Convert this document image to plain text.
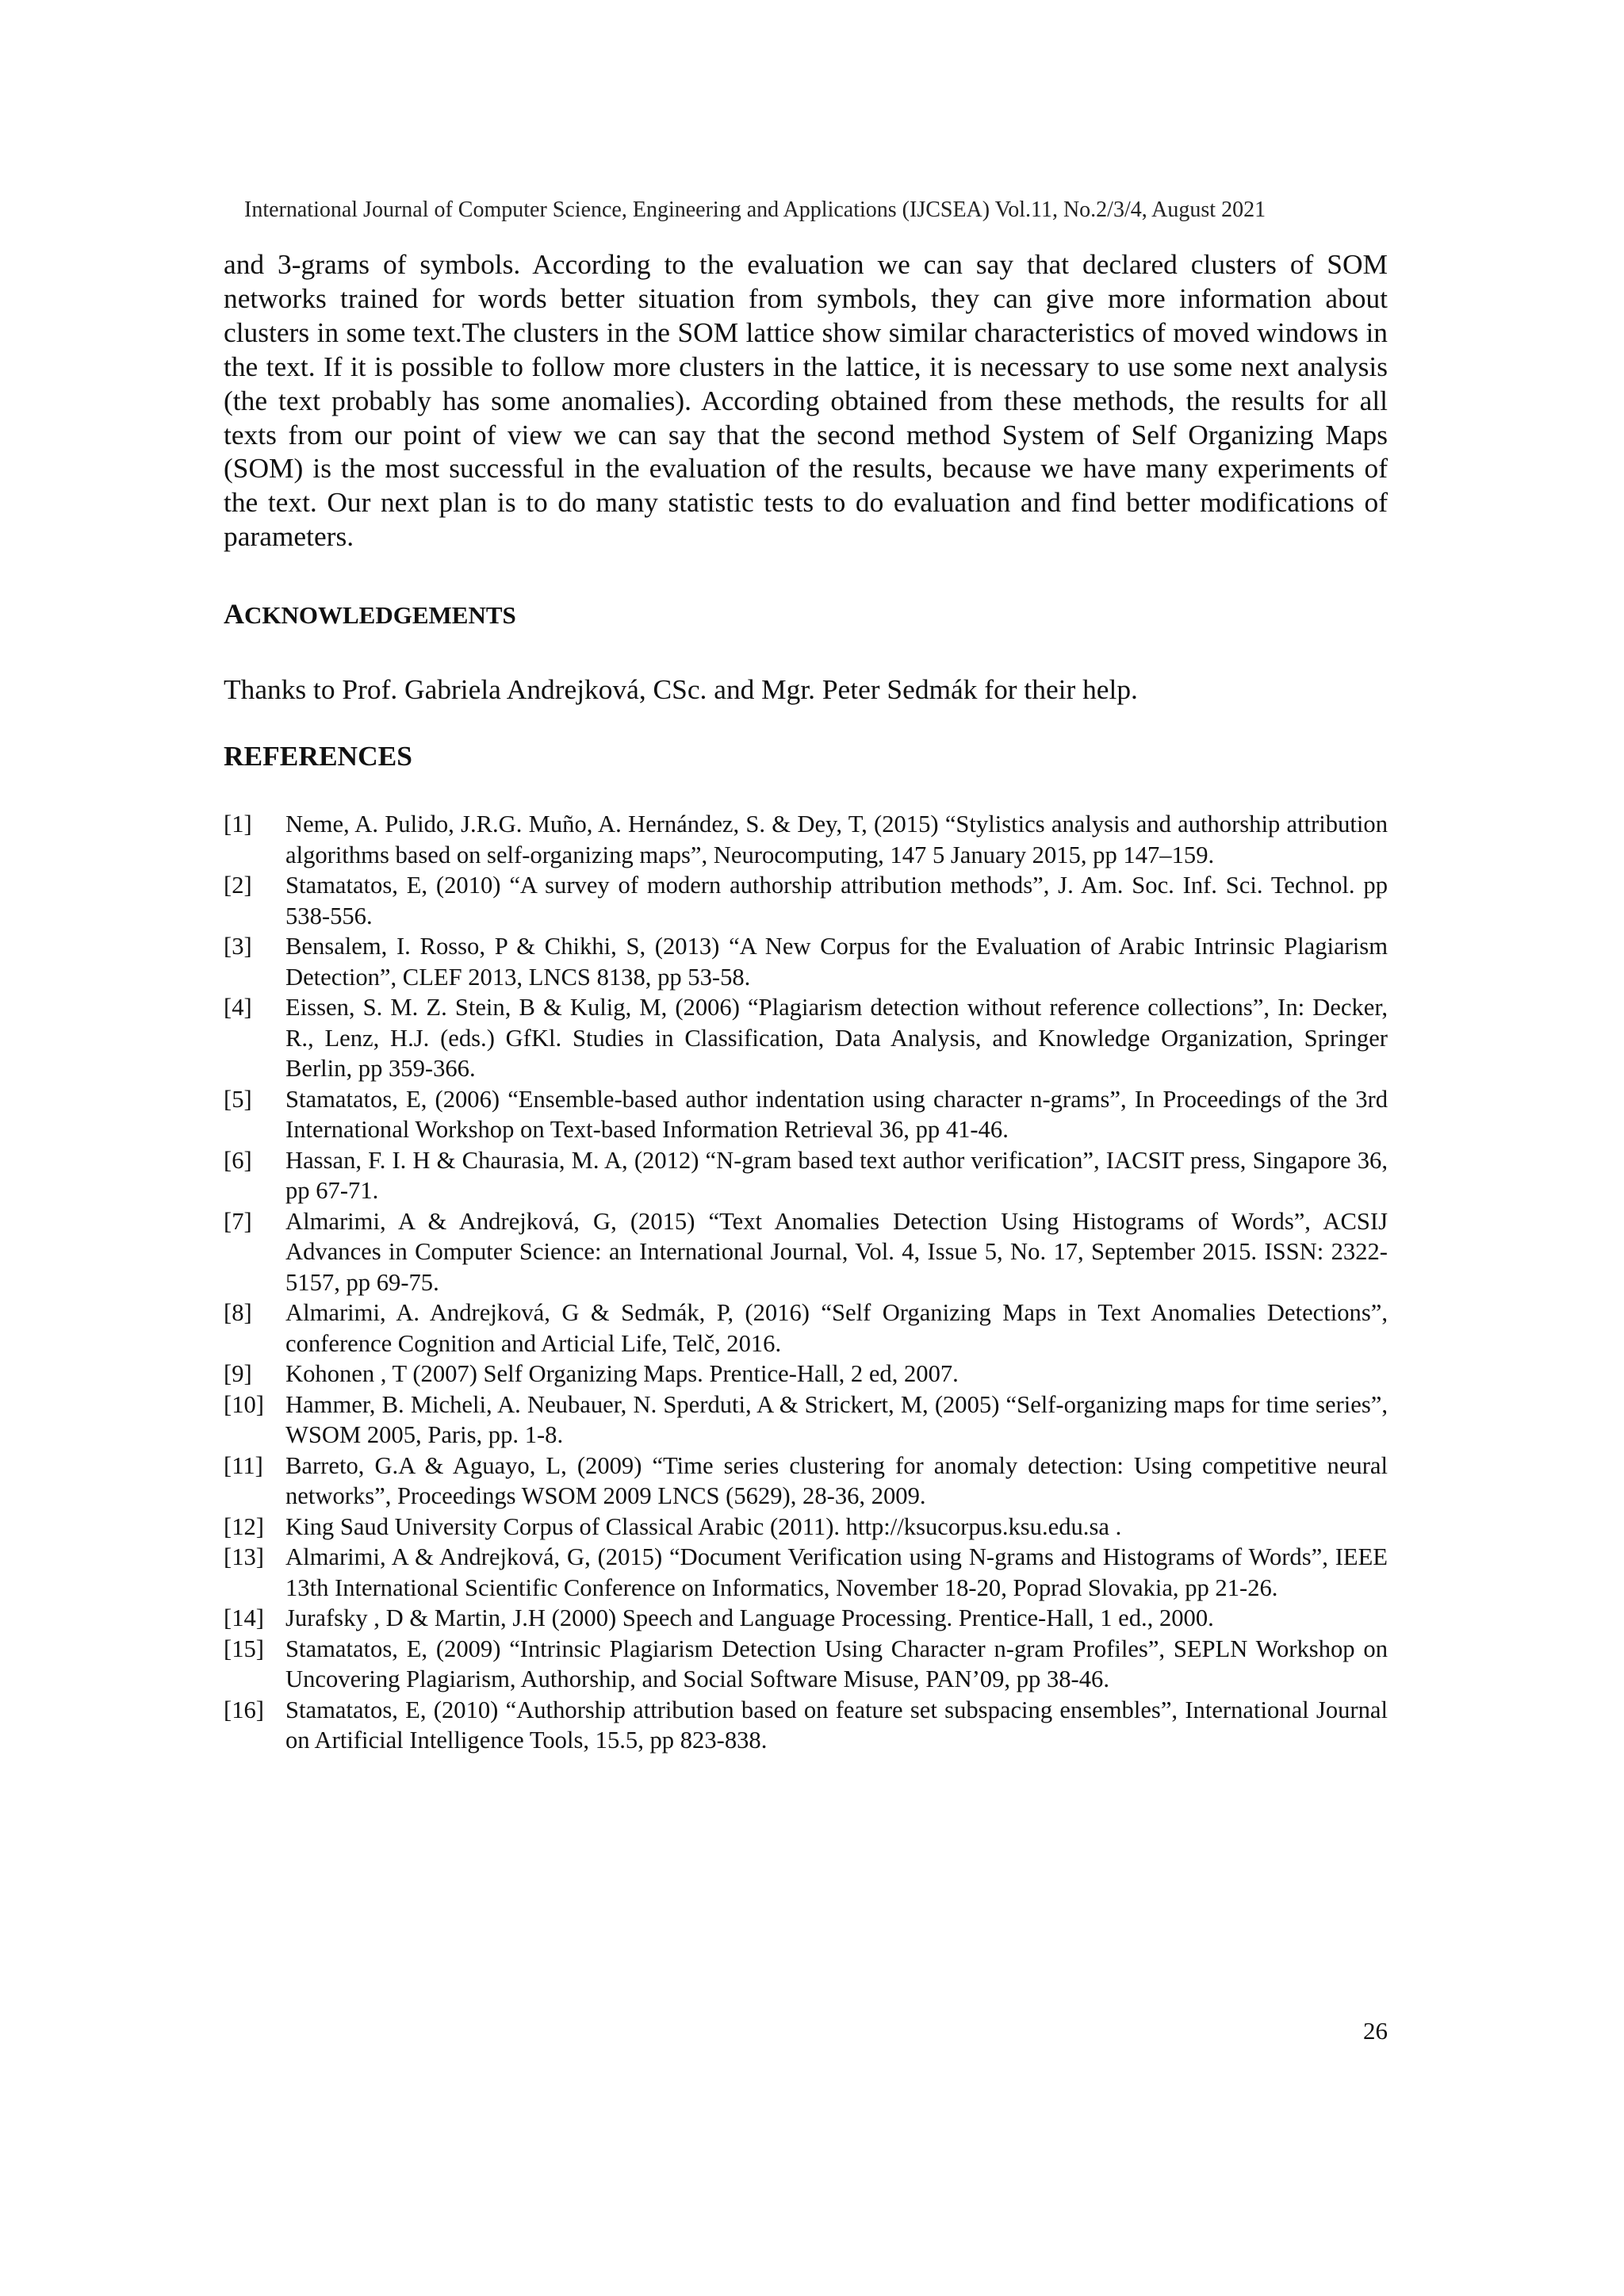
International Journal of Computer Science, Engineering and Applications (IJCSEA) Vol.11, No.2/3/4, August 2021
and 3-grams of symbols. According to the evaluation we can say that declared clusters of SOM networks trained for words better situation from symbols, they can give more information about clusters in some text.The clusters in the SOM lattice show similar characteristics of moved windows in the text. If it is possible to follow more clusters in the lattice, it is necessary to use some next analysis (the text probably has some anomalies). According obtained from these methods, the results for all texts from our point of view we can say that the second method System of Self Organizing Maps (SOM) is the most successful in the evaluation of the results, because we have many experiments of the text. Our next plan is to do many statistic tests to do evaluation and find better modifications of parameters.
ACKNOWLEDGEMENTS
Thanks to Prof. Gabriela Andrejková, CSc. and Mgr. Peter Sedmák for their help.
REFERENCES
[1] Neme, A. Pulido, J.R.G. Muño, A. Hernández, S. & Dey, T, (2015) “Stylistics analysis and authorship attribution algorithms based on self-organizing maps”, Neurocomputing, 147 5 January 2015, pp 147–159.
[2] Stamatatos, E, (2010) “A survey of modern authorship attribution methods”, J. Am. Soc. Inf. Sci. Technol. pp 538-556.
[3] Bensalem, I. Rosso, P & Chikhi, S, (2013) “A New Corpus for the Evaluation of Arabic Intrinsic Plagiarism Detection”, CLEF 2013, LNCS 8138, pp 53-58.
[4] Eissen, S. M. Z. Stein, B & Kulig, M, (2006) “Plagiarism detection without reference collections”, In: Decker, R., Lenz, H.J. (eds.) GfKl. Studies in Classification, Data Analysis, and Knowledge Organization, Springer Berlin, pp 359-366.
[5] Stamatatos, E, (2006) “Ensemble-based author indentation using character n-grams”, In Proceedings of the 3rd International Workshop on Text-based Information Retrieval 36, pp 41-46.
[6] Hassan, F. I. H & Chaurasia, M. A, (2012) “N-gram based text author verification”, IACSIT press, Singapore 36, pp 67-71.
[7] Almarimi, A & Andrejková, G, (2015) “Text Anomalies Detection Using Histograms of Words”, ACSIJ Advances in Computer Science: an International Journal, Vol. 4, Issue 5, No. 17, September 2015. ISSN: 2322-5157, pp 69-75.
[8] Almarimi, A. Andrejková, G & Sedmák, P, (2016) “Self Organizing Maps in Text Anomalies Detections”, conference Cognition and Articial Life, Telč, 2016.
[9] Kohonen , T (2007) Self Organizing Maps. Prentice-Hall, 2 ed, 2007.
[10] Hammer, B. Micheli, A. Neubauer, N. Sperduti, A & Strickert, M, (2005) “Self-organizing maps for time series”, WSOM 2005, Paris, pp. 1-8.
[11] Barreto, G.A & Aguayo, L, (2009) “Time series clustering for anomaly detection: Using competitive neural networks”, Proceedings WSOM 2009 LNCS (5629), 28-36, 2009.
[12] King Saud University Corpus of Classical Arabic (2011). http://ksucorpus.ksu.edu.sa .
[13] Almarimi, A & Andrejková, G, (2015) “Document Verification using N-grams and Histograms of Words”, IEEE 13th International Scientific Conference on Informatics, November 18-20, Poprad Slovakia, pp 21-26.
[14] Jurafsky , D & Martin, J.H (2000) Speech and Language Processing. Prentice-Hall, 1 ed., 2000.
[15] Stamatatos, E, (2009) “Intrinsic Plagiarism Detection Using Character n-gram Profiles”, SEPLN Workshop on Uncovering Plagiarism, Authorship, and Social Software Misuse, PAN’09, pp 38-46.
[16] Stamatatos, E, (2010) “Authorship attribution based on feature set subspacing ensembles”, International Journal on Artificial Intelligence Tools, 15.5, pp 823-838.
26
